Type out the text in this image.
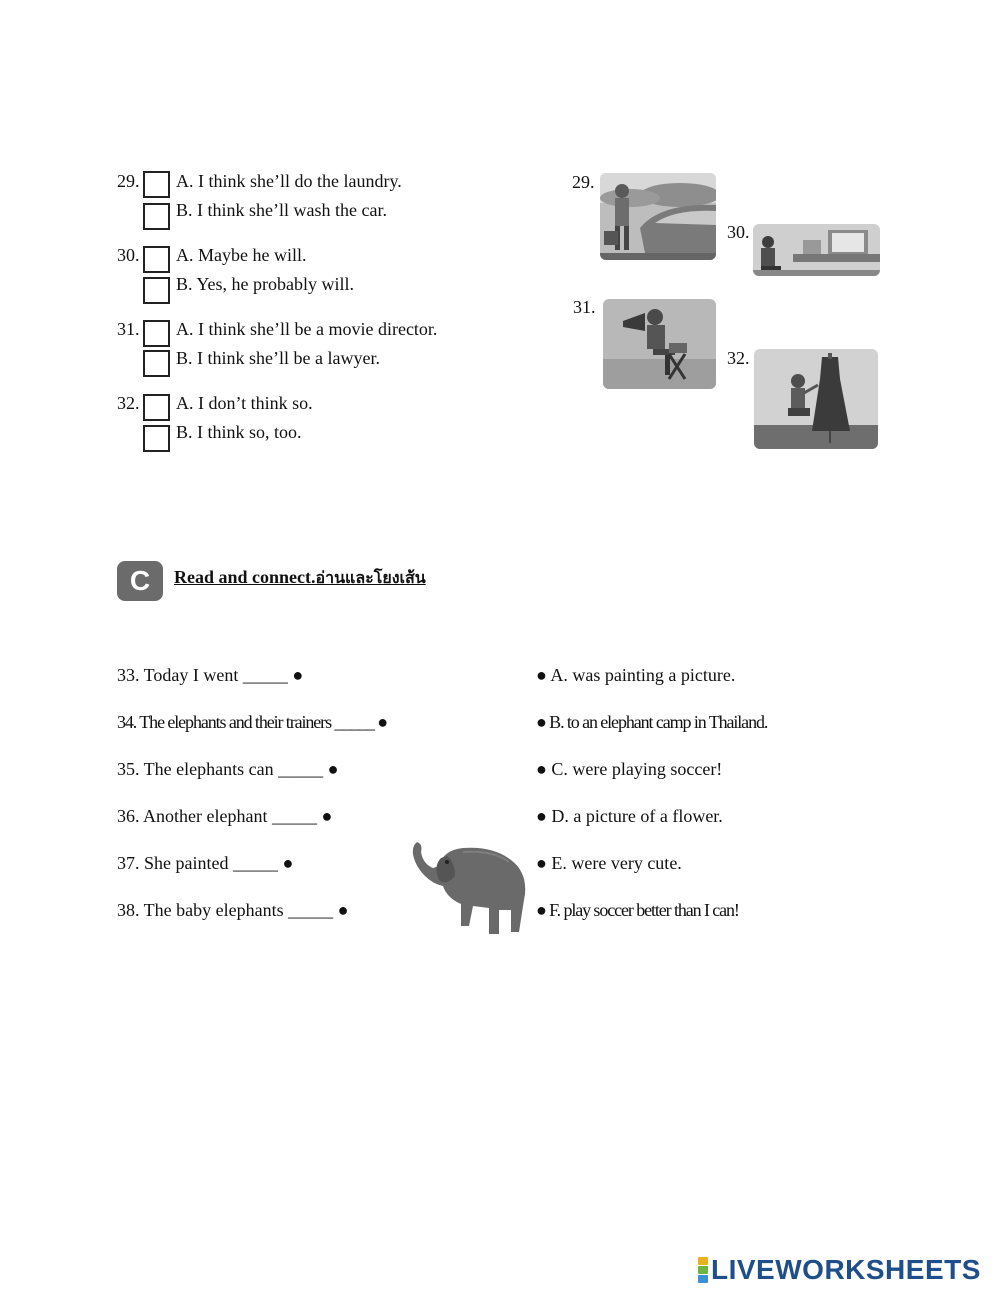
29. A. I think she’ll do the laundry.
B. I think she’ll wash the car.
30. A. Maybe he will.
B. Yes, he probably will.
31. A. I think she’ll be a movie director.
B. I think she’ll be a lawyer.
32. A. I don’t think so.
B. I think so, too.
29.
30.
31.
32.
C	Read and connect.อ่านและโยงเส้น
33. Today I went _____ ●
34. The elephants and their trainers _____ ●
35. The elephants can _____ ●
36. Another elephant _____ ●
37. She painted _____ ●
38. The baby elephants _____ ●
● A. was painting a picture.
● B. to an elephant camp in Thailand.
● C. were playing soccer!
● D. a picture of a flower.
● E. were very cute.
● F. play soccer better than I can!
LIVEWORKSHEETS
